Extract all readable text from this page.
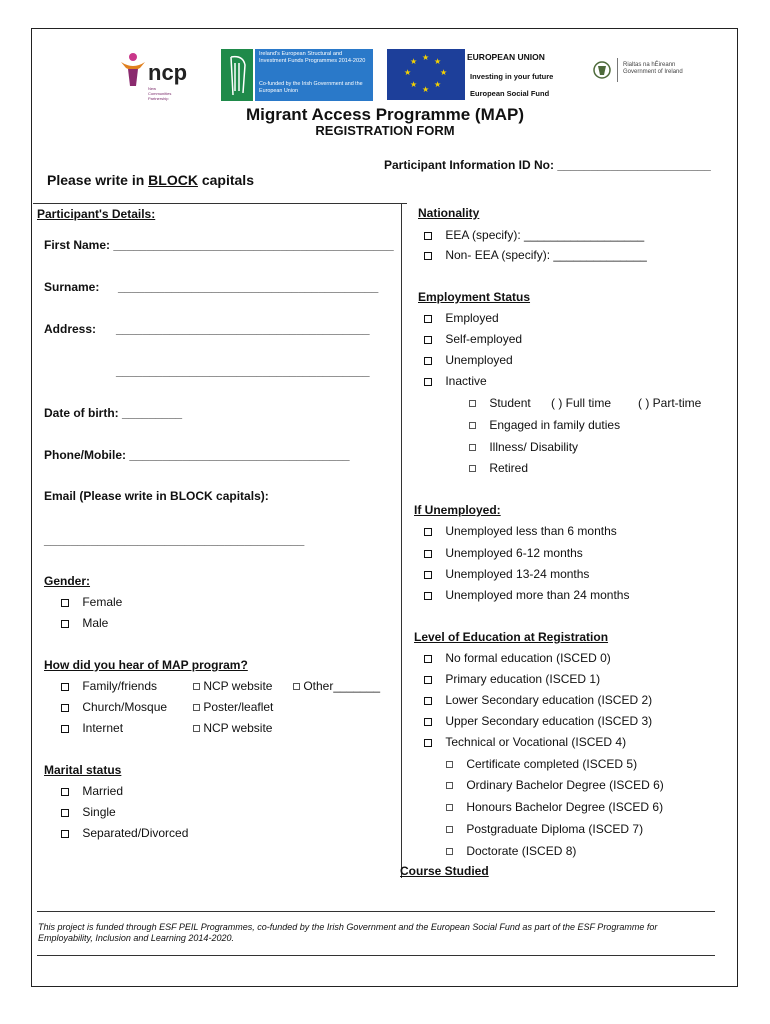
ncp
New Communities Partnership
Ireland's European Structural and Investment Funds Programmes 2014-2020
Co-funded by the Irish Government and the European Union
★ ★
★
★
★
★
★
★	EUROPEAN UNION
Investing in your future
European Social Fund
Rialtas na hÉireann Government of Ireland
Migrant Access Programme (MAP)
REGISTRATION FORM
Participant Information ID No: _______________________
Please write in BLOCK capitals
Participant's Details:
First Name: __________________________________________
Surname: _______________________________________
Address: ______________________________________
______________________________________
Date of birth: _________
Phone/Mobile: _________________________________
Email (Please write in BLOCK capitals):
_______________________________________
Gender:
Female
Male
How did you hear of MAP program?
Family/friends
Church/Mosque
Internet
NCP website
Poster/leaflet
NCP website
Other_______
Marital status
Married
Single
Separated/Divorced
Nationality
EEA (specify): __________________
Non- EEA (specify): ______________
Employment Status
Employed
Self-employed
Unemployed
Inactive
Student ( ) Full time ( ) Part-time
Engaged in family duties
Illness/ Disability
Retired
If Unemployed:
Unemployed less than 6 months
Unemployed 6-12 months
Unemployed 13-24 months
Unemployed more than 24 months
Level of Education at Registration
No formal education (ISCED 0)
Primary education (ISCED 1)
Lower Secondary education (ISCED 2)
Upper Secondary education (ISCED 3)
Technical or Vocational (ISCED 4)
Certificate completed (ISCED 5)
Ordinary Bachelor Degree (ISCED 6)
Honours Bachelor Degree (ISCED 6)
Postgraduate Diploma (ISCED 7)
Doctorate (ISCED 8)
Course Studied
This project is funded through ESF PEIL Programmes, co-funded by the Irish Government and the European Social Fund as part of the ESF Programme for Employability, Inclusion and Learning 2014-2020.
